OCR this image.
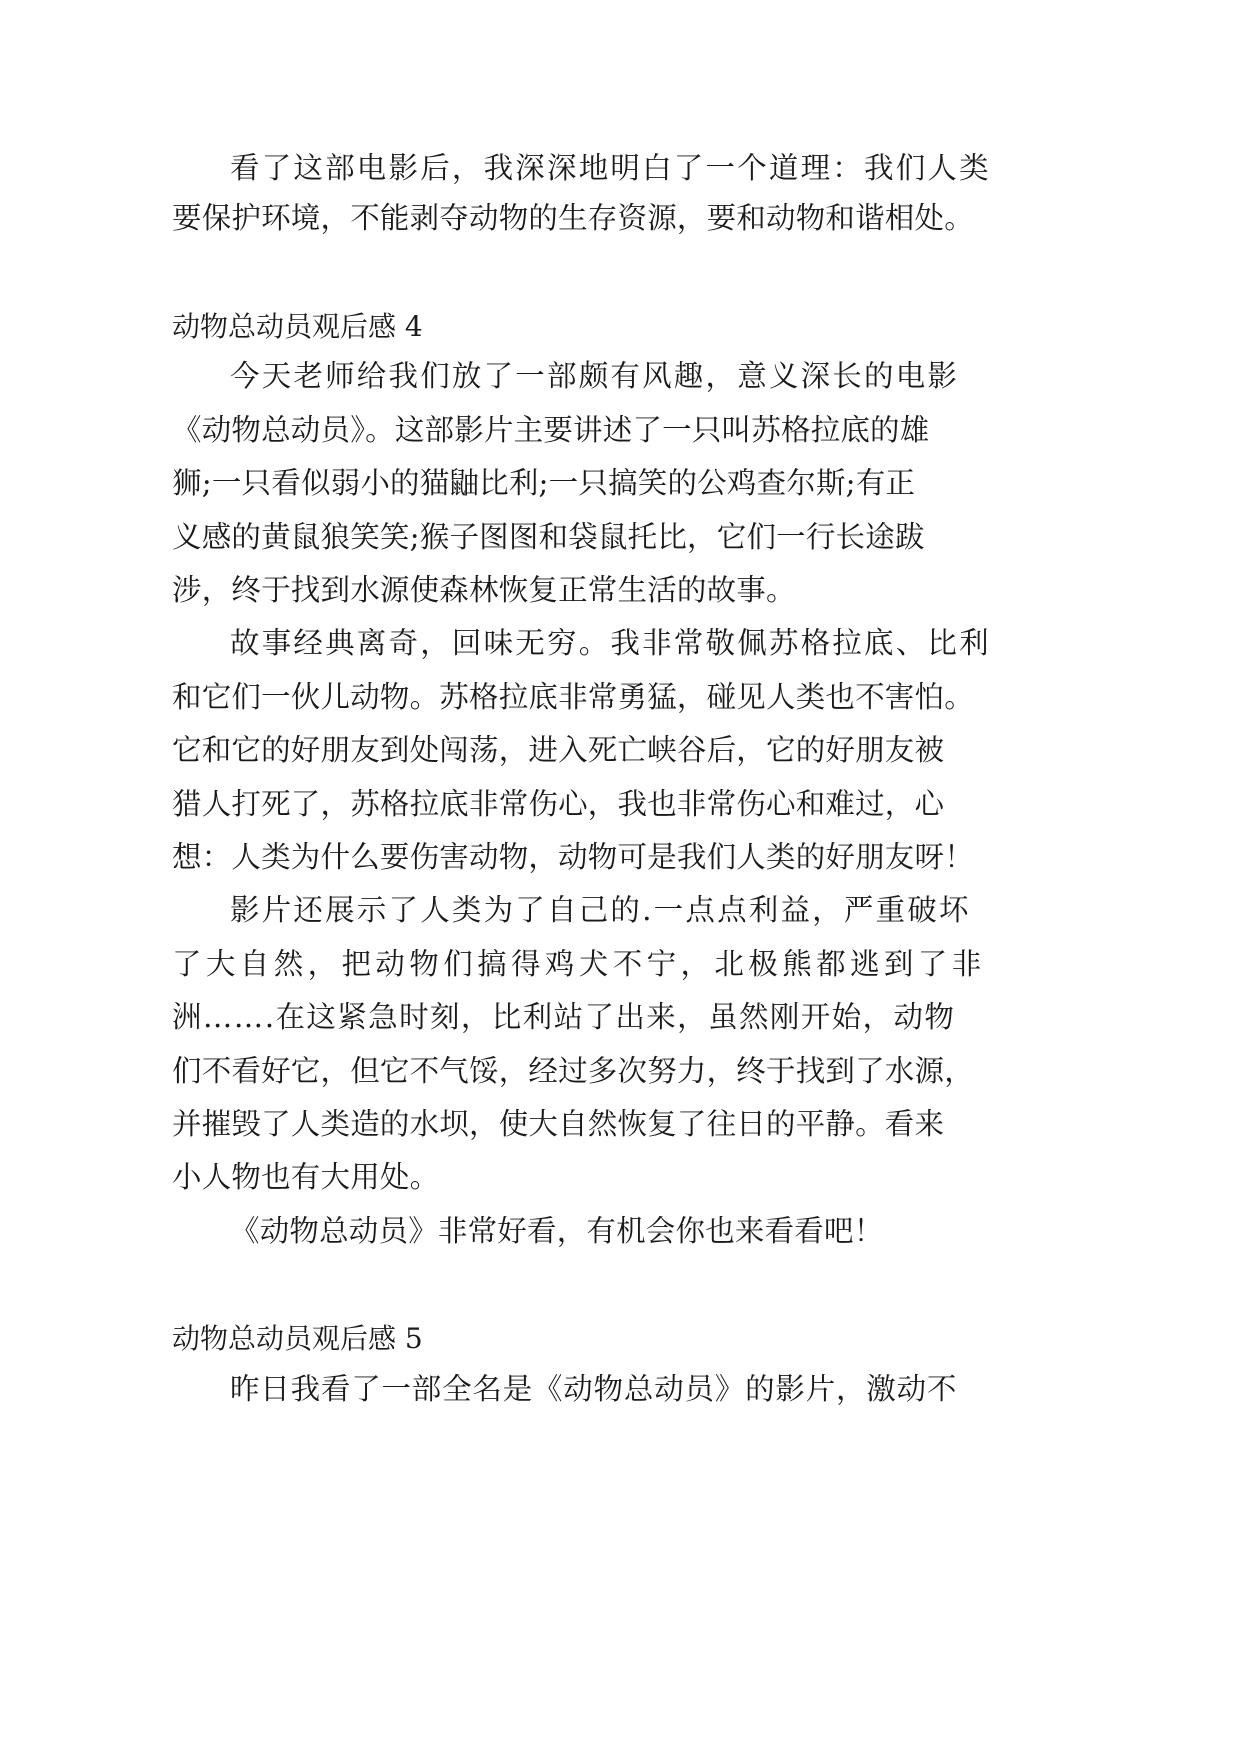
看了这部电影后，我深深地明白了一个道理：我们人类
要保护环境，不能剥夺动物的生存资源，要和动物和谐相处。
动物总动员观后感 4
今天老师给我们放了一部颇有风趣，意义深长的电影
《动物总动员》。这部影片主要讲述了一只叫苏格拉底的雄
狮;一只看似弱小的猫鼬比利;一只搞笑的公鸡查尔斯;有正
义感的黄鼠狼笑笑;猴子图图和袋鼠托比，它们一行长途跋
涉，终于找到水源使森林恢复正常生活的故事。
故事经典离奇，回味无穷。我非常敬佩苏格拉底、比利
和它们一伙儿动物。苏格拉底非常勇猛，碰见人类也不害怕。
它和它的好朋友到处闯荡，进入死亡峡谷后，它的好朋友被
猎人打死了，苏格拉底非常伤心，我也非常伤心和难过，心
想：人类为什么要伤害动物，动物可是我们人类的好朋友呀！
影片还展示了人类为了自己的.一点点利益，严重破坏
了大自然，把动物们搞得鸡犬不宁，北极熊都逃到了非
洲…….在这紧急时刻，比利站了出来，虽然刚开始，动物
们不看好它，但它不气馁，经过多次努力，终于找到了水源，
并摧毁了人类造的水坝，使大自然恢复了往日的平静。看来
小人物也有大用处。
《动物总动员》非常好看，有机会你也来看看吧！
动物总动员观后感 5
昨日我看了一部全名是《动物总动员》的影片，激动不
